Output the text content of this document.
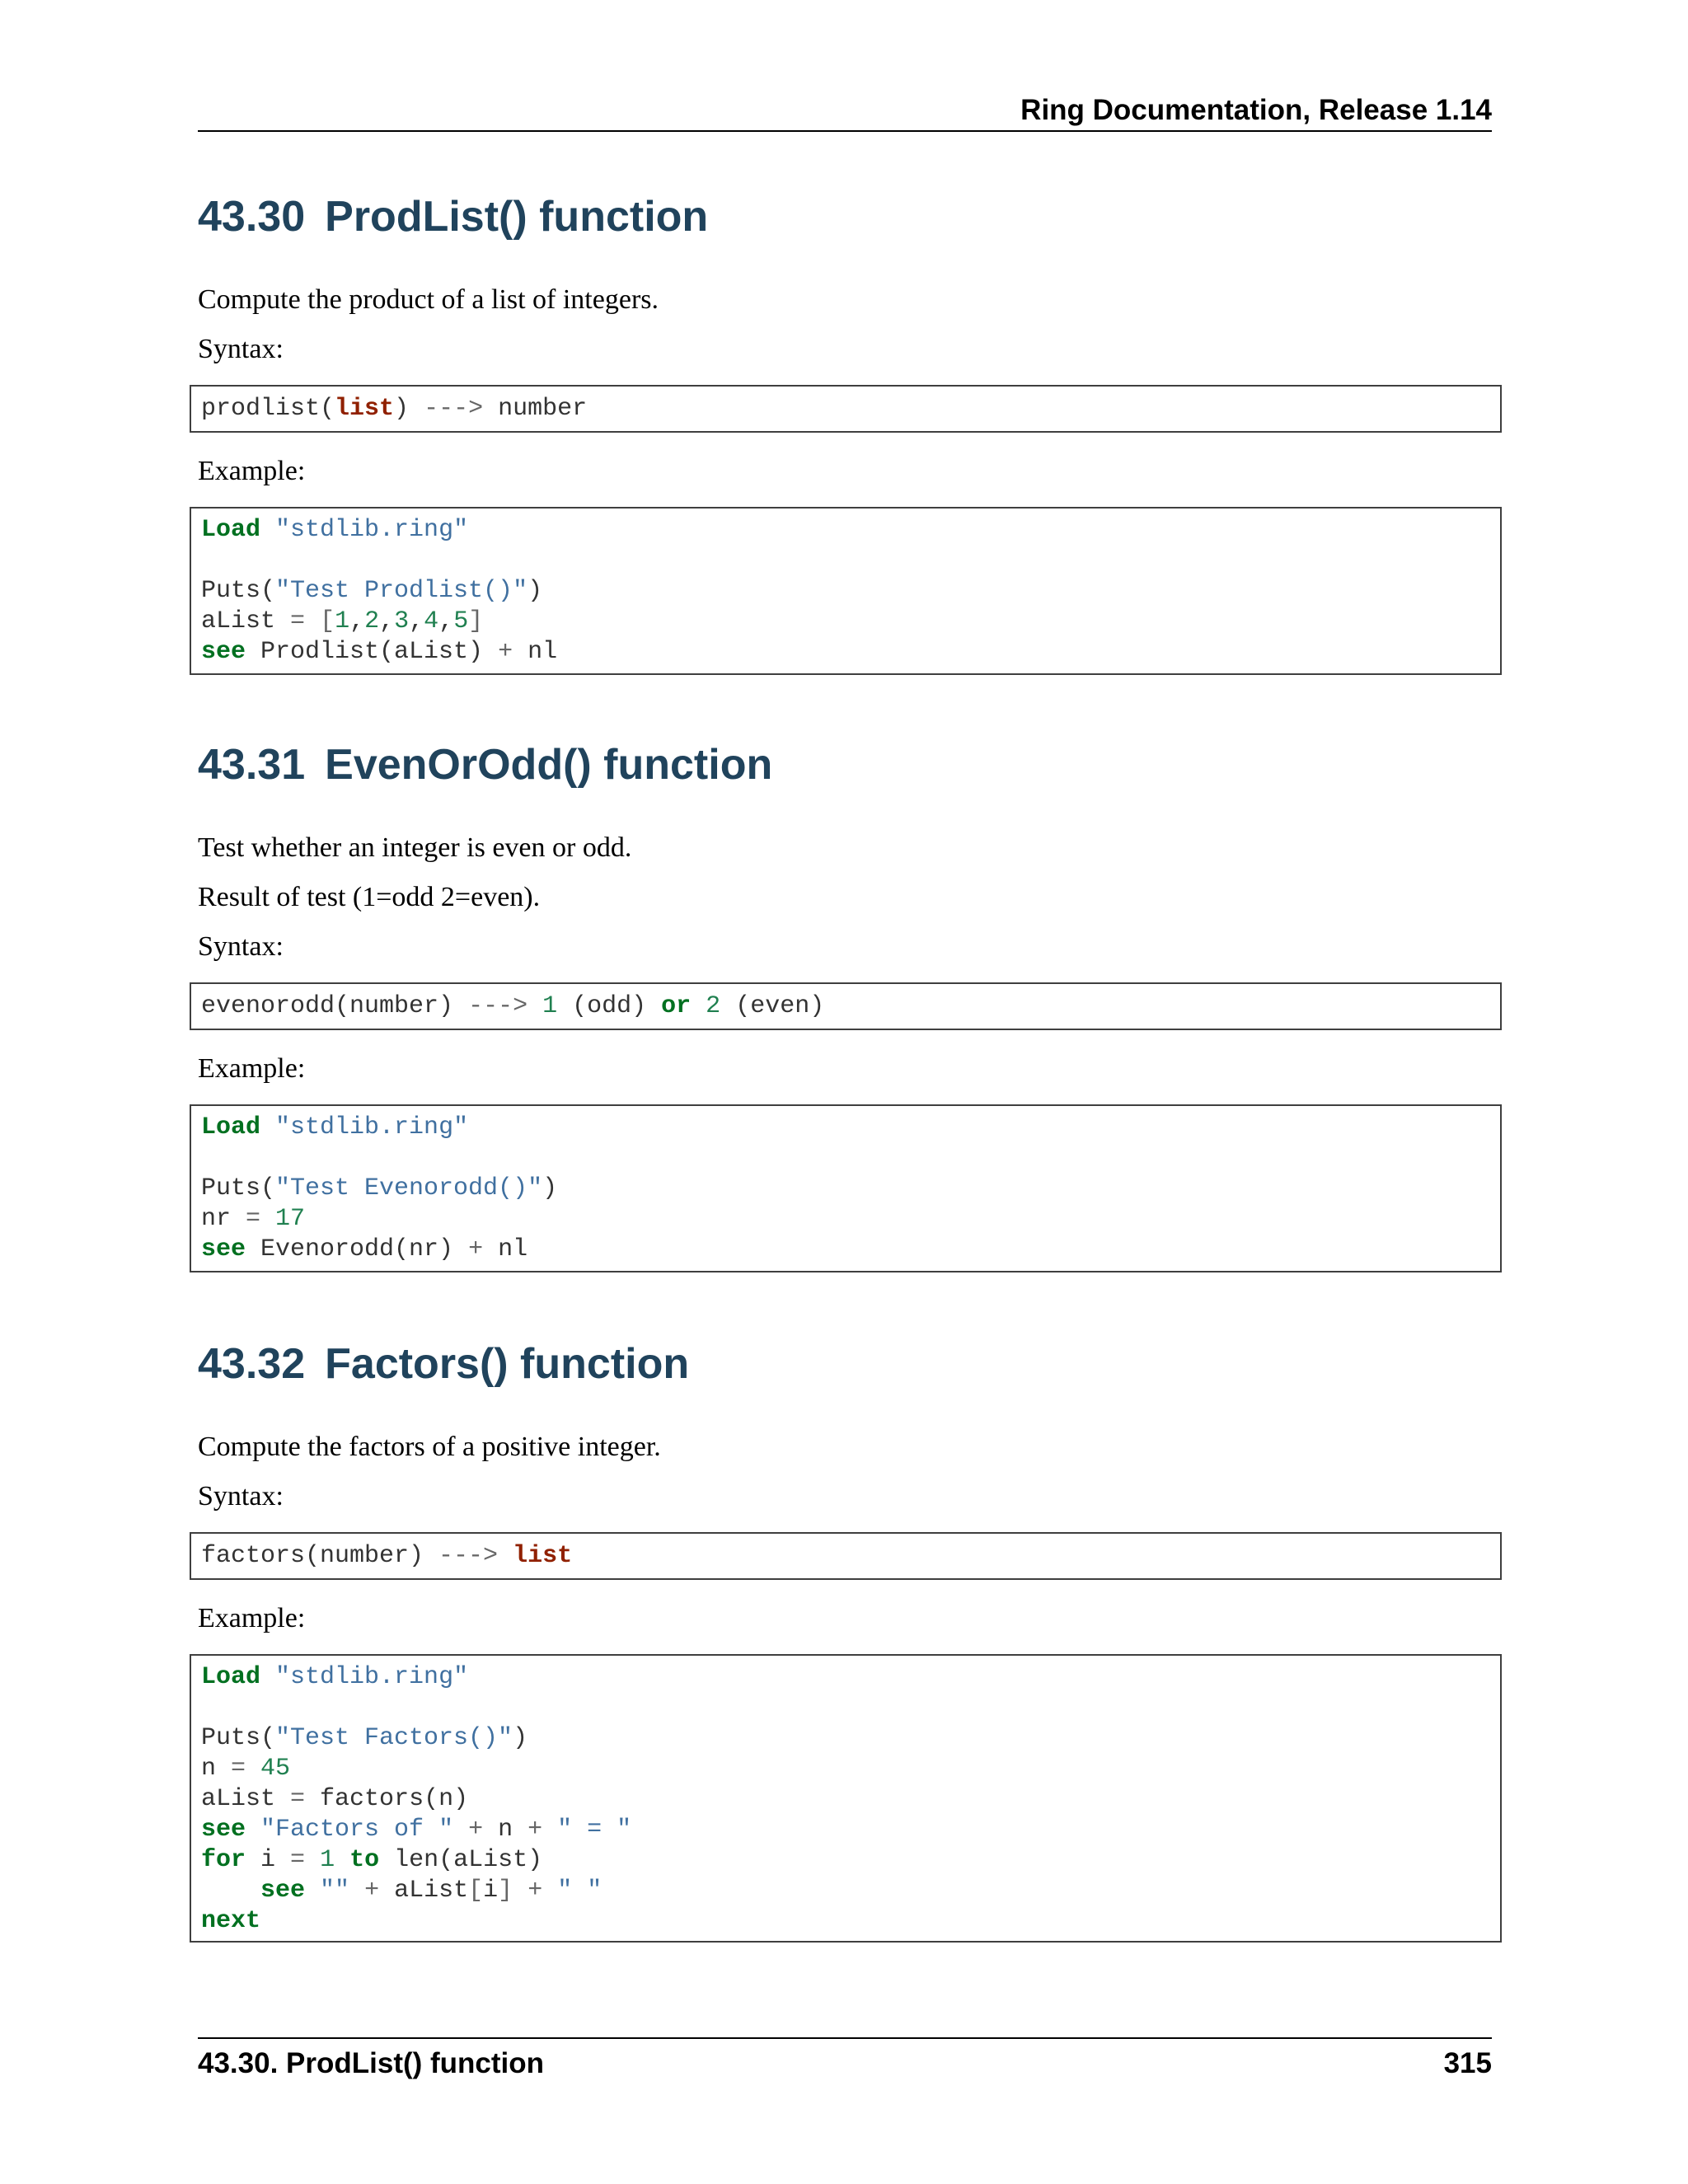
Ring Documentation, Release 1.14
43.30 ProdList() function

Compute the product of a list of integers.

Syntax:

prodlist(list) ---> number

Example:

Load "stdlib.ring"

Puts("Test Prodlist()")
aList = [1,2,3,4,5]
see Prodlist(aList) + nl
43.31 EvenOrOdd() function

Test whether an integer is even or odd.

Result of test (1=odd 2=even).

Syntax:

evenorodd(number) ---> 1 (odd) or 2 (even)

Example:

Load "stdlib.ring"

Puts("Test Evenorodd()")
nr = 17
see Evenorodd(nr) + nl
43.32 Factors() function

Compute the factors of a positive integer.

Syntax:

factors(number) ---> list

Example:

Load "stdlib.ring"

Puts("Test Factors()")
n = 45
aList = factors(n)
see "Factors of " + n + " = "
for i = 1 to len(aList)
see "" + aList[i] + " "
next
43.30. ProdList() function	315
